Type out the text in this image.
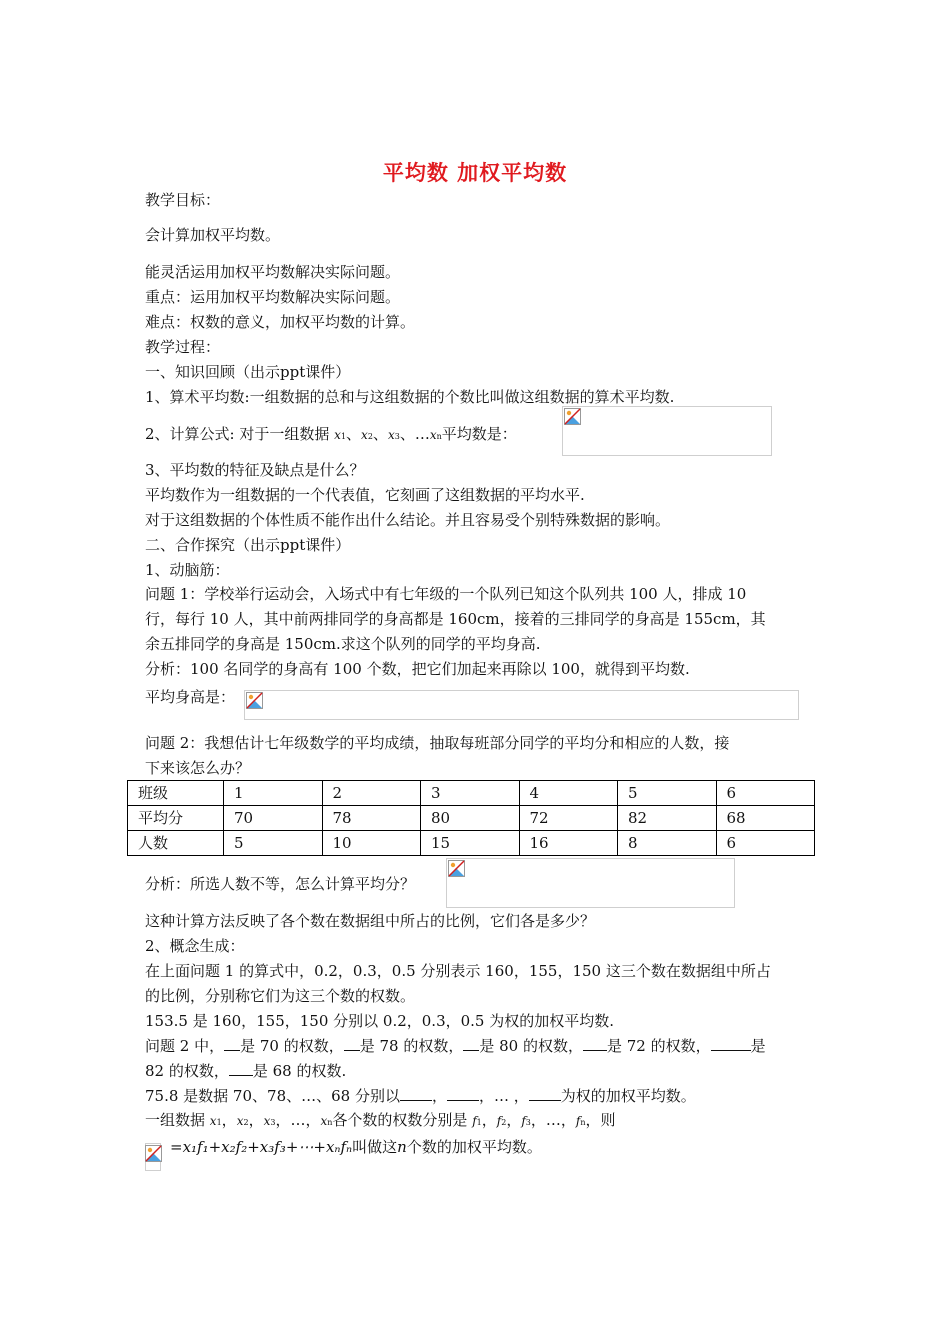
平均数 加权平均数
教学目标：
会计算加权平均数。
能灵活运用加权平均数解决实际问题。
重点：运用加权平均数解决实际问题。
难点：权数的意义，加权平均数的计算。
教学过程：
一、知识回顾（出示ppt课件）
1、算术平均数:一组数据的总和与这组数据的个数比叫做这组数据的算术平均数.
2、计算公式: 对于一组数据 x1、x2、x3、…xn平均数是：
3、平均数的特征及缺点是什么？
平均数作为一组数据的一个代表值，它刻画了这组数据的平均水平.
对于这组数据的个体性质不能作出什么结论。并且容易受个别特殊数据的影响。
二、合作探究（出示ppt课件）
1、动脑筋：
问题 1：学校举行运动会，入场式中有七年级的一个队列已知这个队列共 100 人，排成 10
行，每行 10 人，其中前两排同学的身高都是 160cm，接着的三排同学的身高是 155cm，其
余五排同学的身高是 150cm.求这个队列的同学的平均身高.
分析：100 名同学的身高有 100 个数，把它们加起来再除以 100，就得到平均数.
平均身高是：
问题 2：我想估计七年级数学的平均成绩，抽取每班部分同学的平均分和相应的人数，接
下来该怎么办？
班级	1	2	3	4	5	6
平均分	70	78	80	72	82	68
人数	5	10	15	16	8	6
分析：所选人数不等，怎么计算平均分？
这种计算方法反映了各个数在数据组中所占的比例，它们各是多少？
2、概念生成：
在上面问题 1 的算式中，0.2，0.3，0.5 分别表示 160，155，150 这三个数在数据组中所占
的比例，分别称它们为这三个数的权数。
153.5 是 160，155，150 分别以 0.2，0.3，0.5 为权的加权平均数.
问题 2 中， 是 70 的权数， 是 78 的权数， 是 80 的权数， 是 72 的权数，	是
82 的权数， 是 68 的权数.
75.8 是数据 70、78、…、68 分别以 ， ，… ， 为权的加权平均数。
一组数据 x1，x2，x3，…，xn各个数的权数分别是 f1，f2，f3，…，fn，则
=x₁f₁+x₂f₂+x₃f₃+⋯+xₙfₙ叫做这n个数的加权平均数。
